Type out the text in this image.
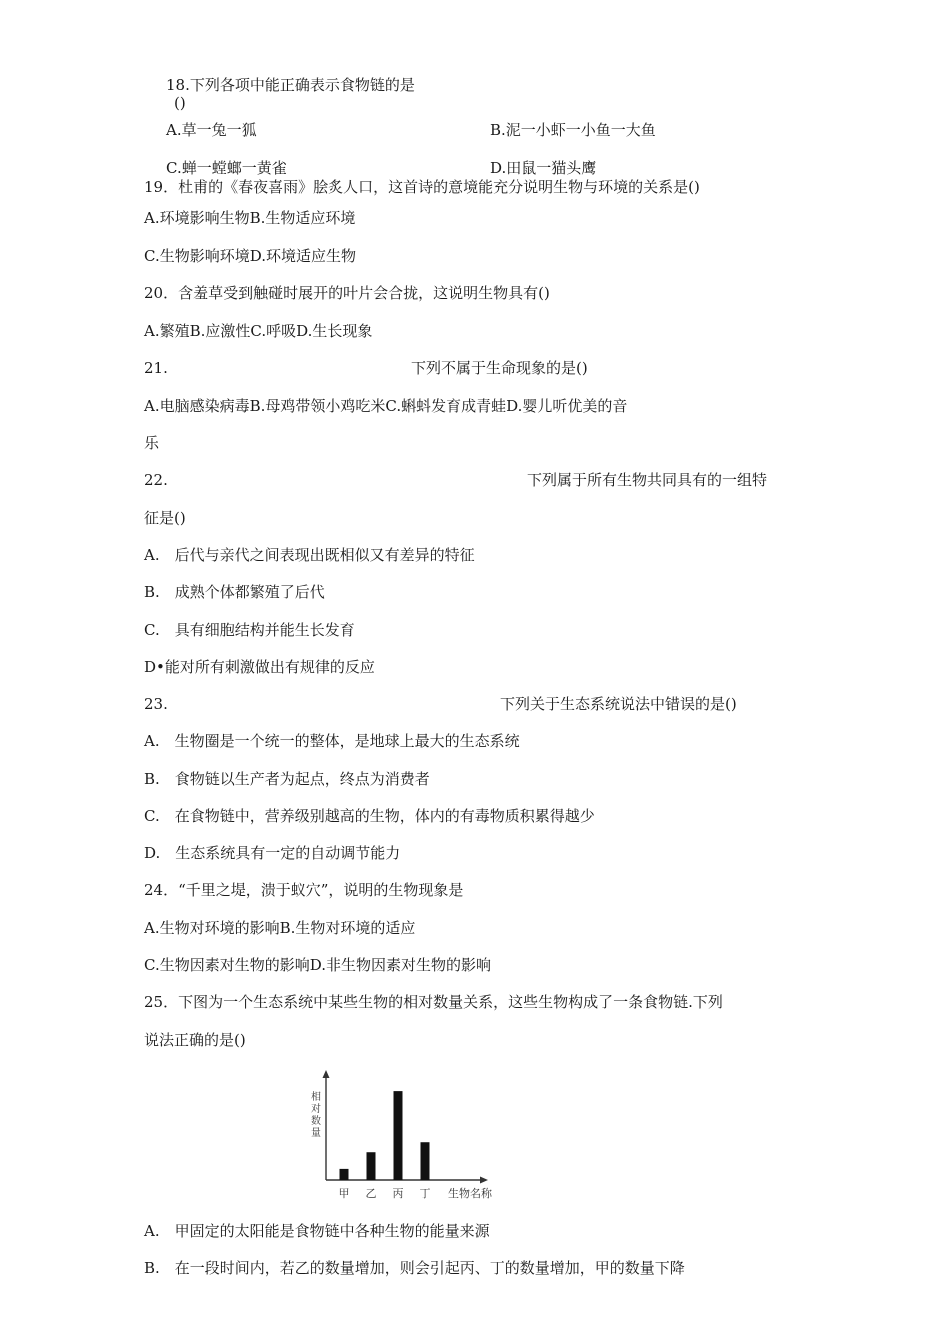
18.下列各项中能正确表示食物链的是
()
A.草一兔一狐	B.泥一小虾一小鱼一大鱼
C.蝉一螳螂一黄雀	D.田鼠一猫头鹰
19．杜甫的《春夜喜雨》脍炙人口，这首诗的意境能充分说明生物与环境的关系是()
A.环境影响生物B.生物适应环境
C.生物影响环境D.环境适应生物
20．含羞草受到触碰时展开的叶片会合拢，这说明生物具有()
A.繁殖B.应激性C.呼吸D.生长现象
21.	下列不属于生命现象的是()
A.电脑感染病毒B.母鸡带领小鸡吃米C.蝌蚪发育成青蛙D.婴儿听优美的音
乐
22.	下列属于所有生物共同具有的一组特
征是()
A.　后代与亲代之间表现出既相似又有差异的特征
B.　成熟个体都繁殖了后代
C.　具有细胞结构并能生长发育
D•能对所有刺激做出有规律的反应
23.	下列关于生态系统说法中错误的是()
A.　生物圈是一个统一的整体，是地球上最大的生态系统
B.　食物链以生产者为起点，终点为消费者
C.　在食物链中，营养级别越高的生物，体内的有毒物质积累得越少
D.　生态系统具有一定的自动调节能力
24．“千里之堤，溃于蚁穴”，说明的生物现象是
A.生物对环境的影响B.生物对环境的适应
C.生物因素对生物的影响D.非生物因素对生物的影响
25．下图为一个生态系统中某些生物的相对数量关系，这些生物构成了一条食物链.下列
说法正确的是()
相对数量
甲 乙 丙 丁 生物名称
A.　甲固定的太阳能是食物链中各种生物的能量来源
B.　在一段时间内，若乙的数量增加，则会引起丙、丁的数量增加，甲的数量下降
